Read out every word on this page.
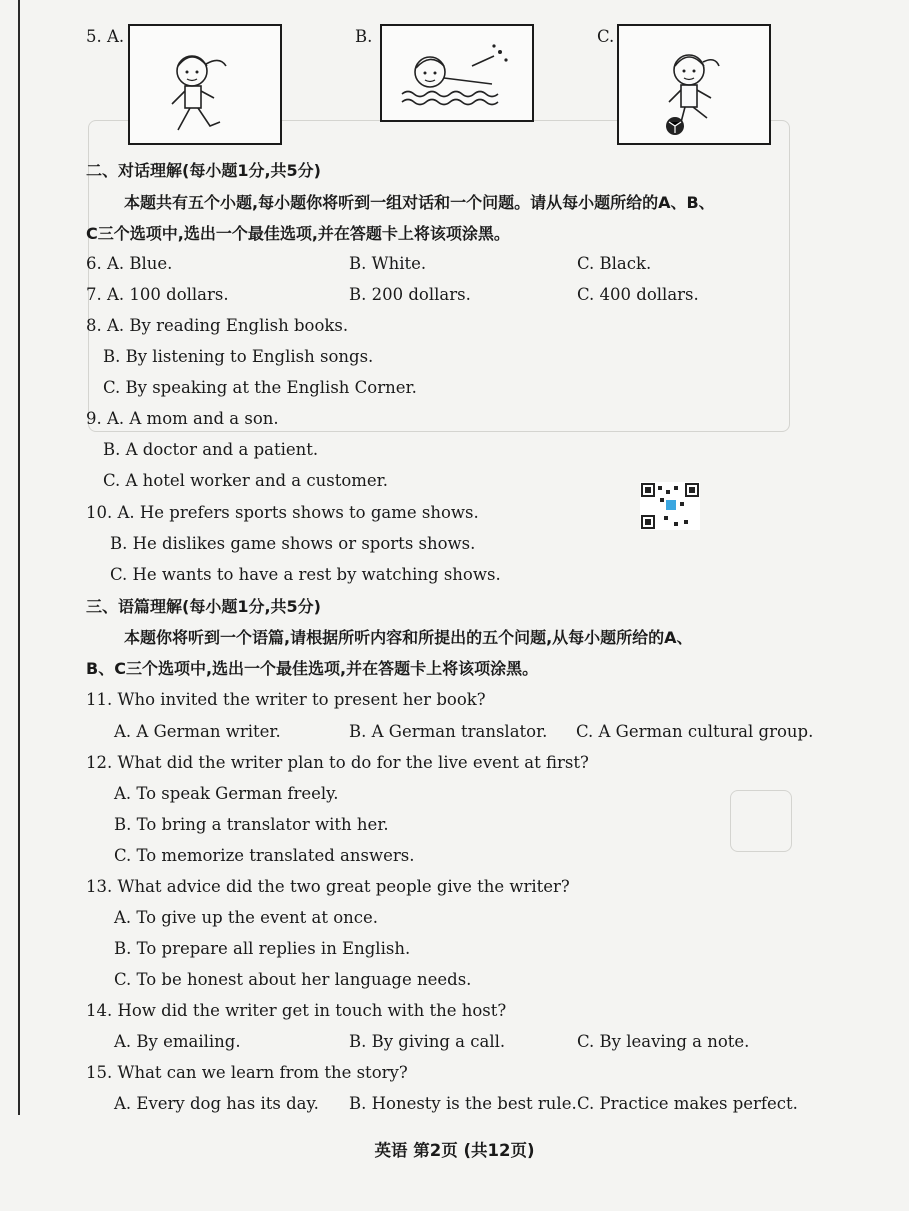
5. A.	B.	C.
二、对话理解(每小题1分,共5分)
本题共有五个小题,每小题你将听到一组对话和一个问题。请从每小题所给的A、B、
C三个选项中,选出一个最佳选项,并在答题卡上将该项涂黑。
6. A. Blue.	B. White.	C. Black.
7. A. 100 dollars.	B. 200 dollars.	C. 400 dollars.
8. A. By reading English books.
B. By listening to English songs.
C. By speaking at the English Corner.
9. A. A mom and a son.
B. A doctor and a patient.
C. A hotel worker and a customer.
10. A. He prefers sports shows to game shows.
B. He dislikes game shows or sports shows.
C. He wants to have a rest by watching shows.
三、语篇理解(每小题1分,共5分)
本题你将听到一个语篇,请根据所听内容和所提出的五个问题,从每小题所给的A、
B、C三个选项中,选出一个最佳选项,并在答题卡上将该项涂黑。
11. Who invited the writer to present her book?
A. A German writer.	B. A German translator. C. A German cultural group.
12. What did the writer plan to do for the live event at first?
A. To speak German freely.
B. To bring a translator with her.
C. To memorize translated answers.
13. What advice did the two great people give the writer?
A. To give up the event at once.
B. To prepare all replies in English.
C. To be honest about her language needs.
14. How did the writer get in touch with the host?
A. By emailing.	B. By giving a call.	C. By leaving a note.
15. What can we learn from the story?
A. Every dog has its day. B. Honesty is the best rule. C. Practice makes perfect.
英语 第2页 (共12页)
